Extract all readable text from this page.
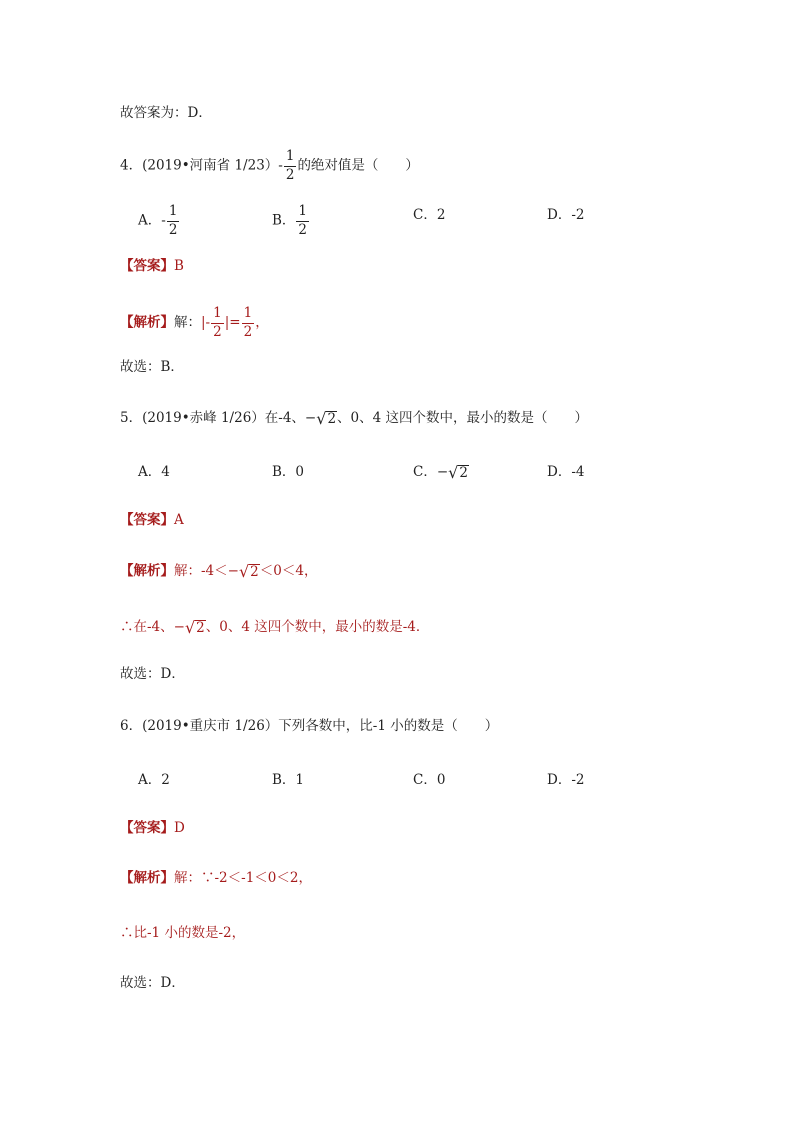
故答案为：D．
4．(2019•河南省 $1/23)- \frac{1}{2}$ 的绝对值是（　　）
A．- $\frac{1}{2}$	B． $\frac{1}{2}$	C．2	D．-2
【答案】B
【解析】解：|- $\frac{1}{2}$ |= $\frac{1}{2}$ ，
故选：B．
5．(2019•赤峰 1/26）在-4、− √ 2 、0、4 这四个数中，最小的数是（　　）
A．4	B．0	C．− √ 2	D．-4
【答案】A
【解析】解：-4＜− √ 2 ＜0＜4，
∴在-4、− √ 2 、0、4 这四个数中，最小的数是-4．
故选：D．
6．(2019•重庆市 1/26）下列各数中，比-1 小的数是（　　）
A．2	B．1	C．0	D．-2
【答案】D
【解析】解：∵-2＜-1＜0＜2，
∴比-1 小的数是-2，
故选：D．
